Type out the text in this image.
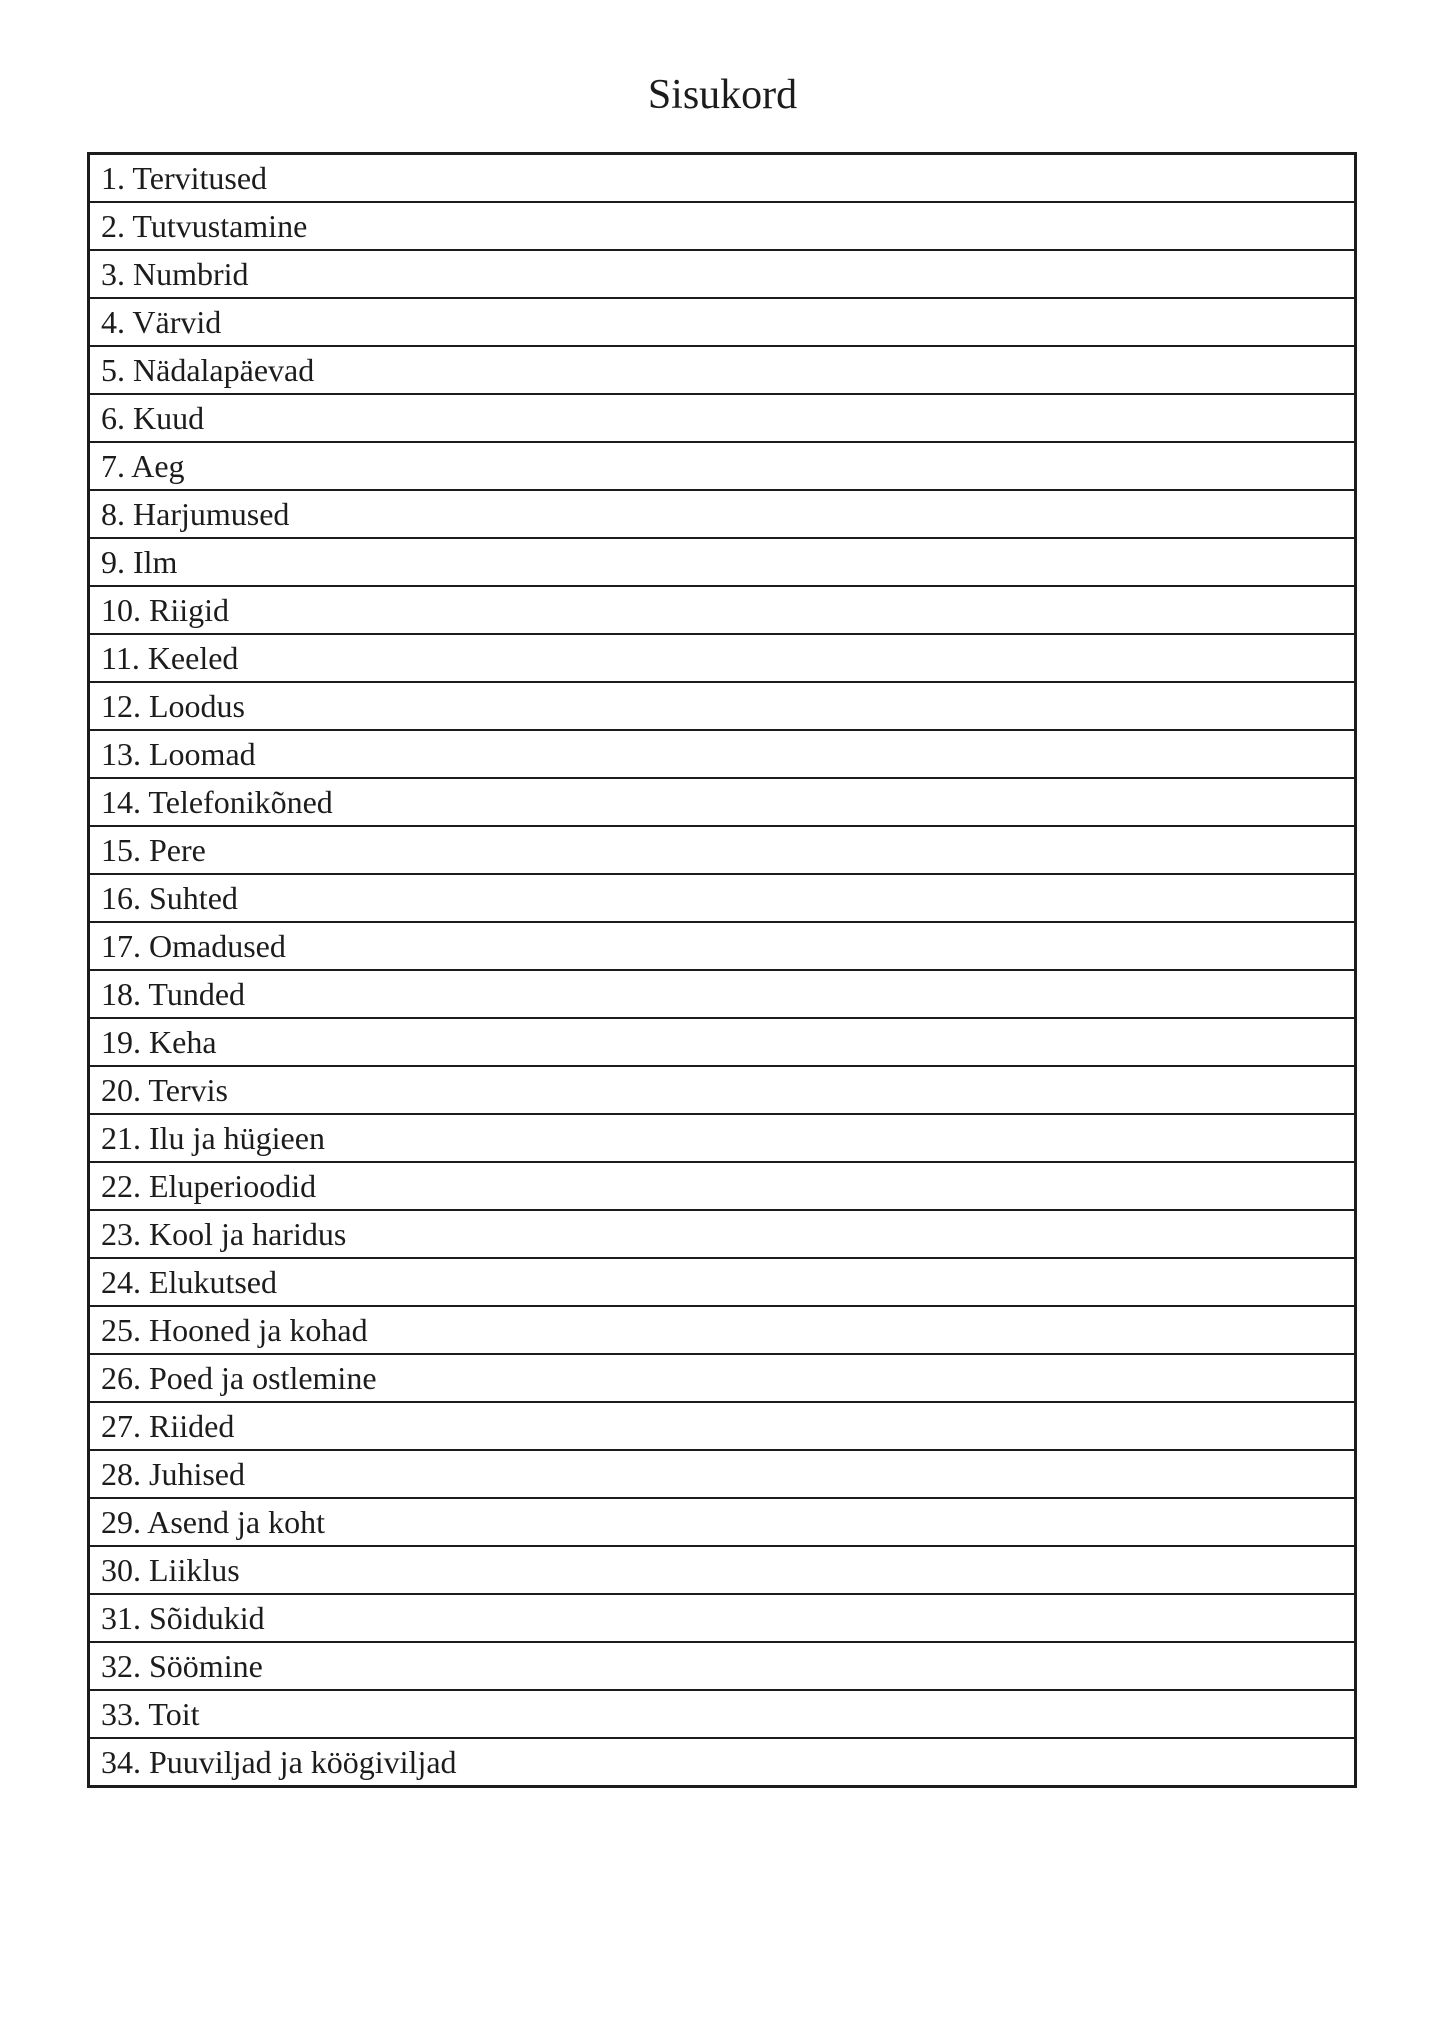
Sisukord
1. Tervitused
2. Tutvustamine
3. Numbrid
4. Värvid
5. Nädalapäevad
6. Kuud
7. Aeg
8. Harjumused
9. Ilm
10. Riigid
11. Keeled
12. Loodus
13. Loomad
14. Telefonikõned
15. Pere
16. Suhted
17. Omadused
18. Tunded
19. Keha
20. Tervis
21. Ilu ja hügieen
22. Eluperioodid
23. Kool ja haridus
24. Elukutsed
25. Hooned ja kohad
26. Poed ja ostlemine
27. Riided
28. Juhised
29. Asend ja koht
30. Liiklus
31. Sõidukid
32. Söömine
33. Toit
34. Puuviljad ja köögiviljad
